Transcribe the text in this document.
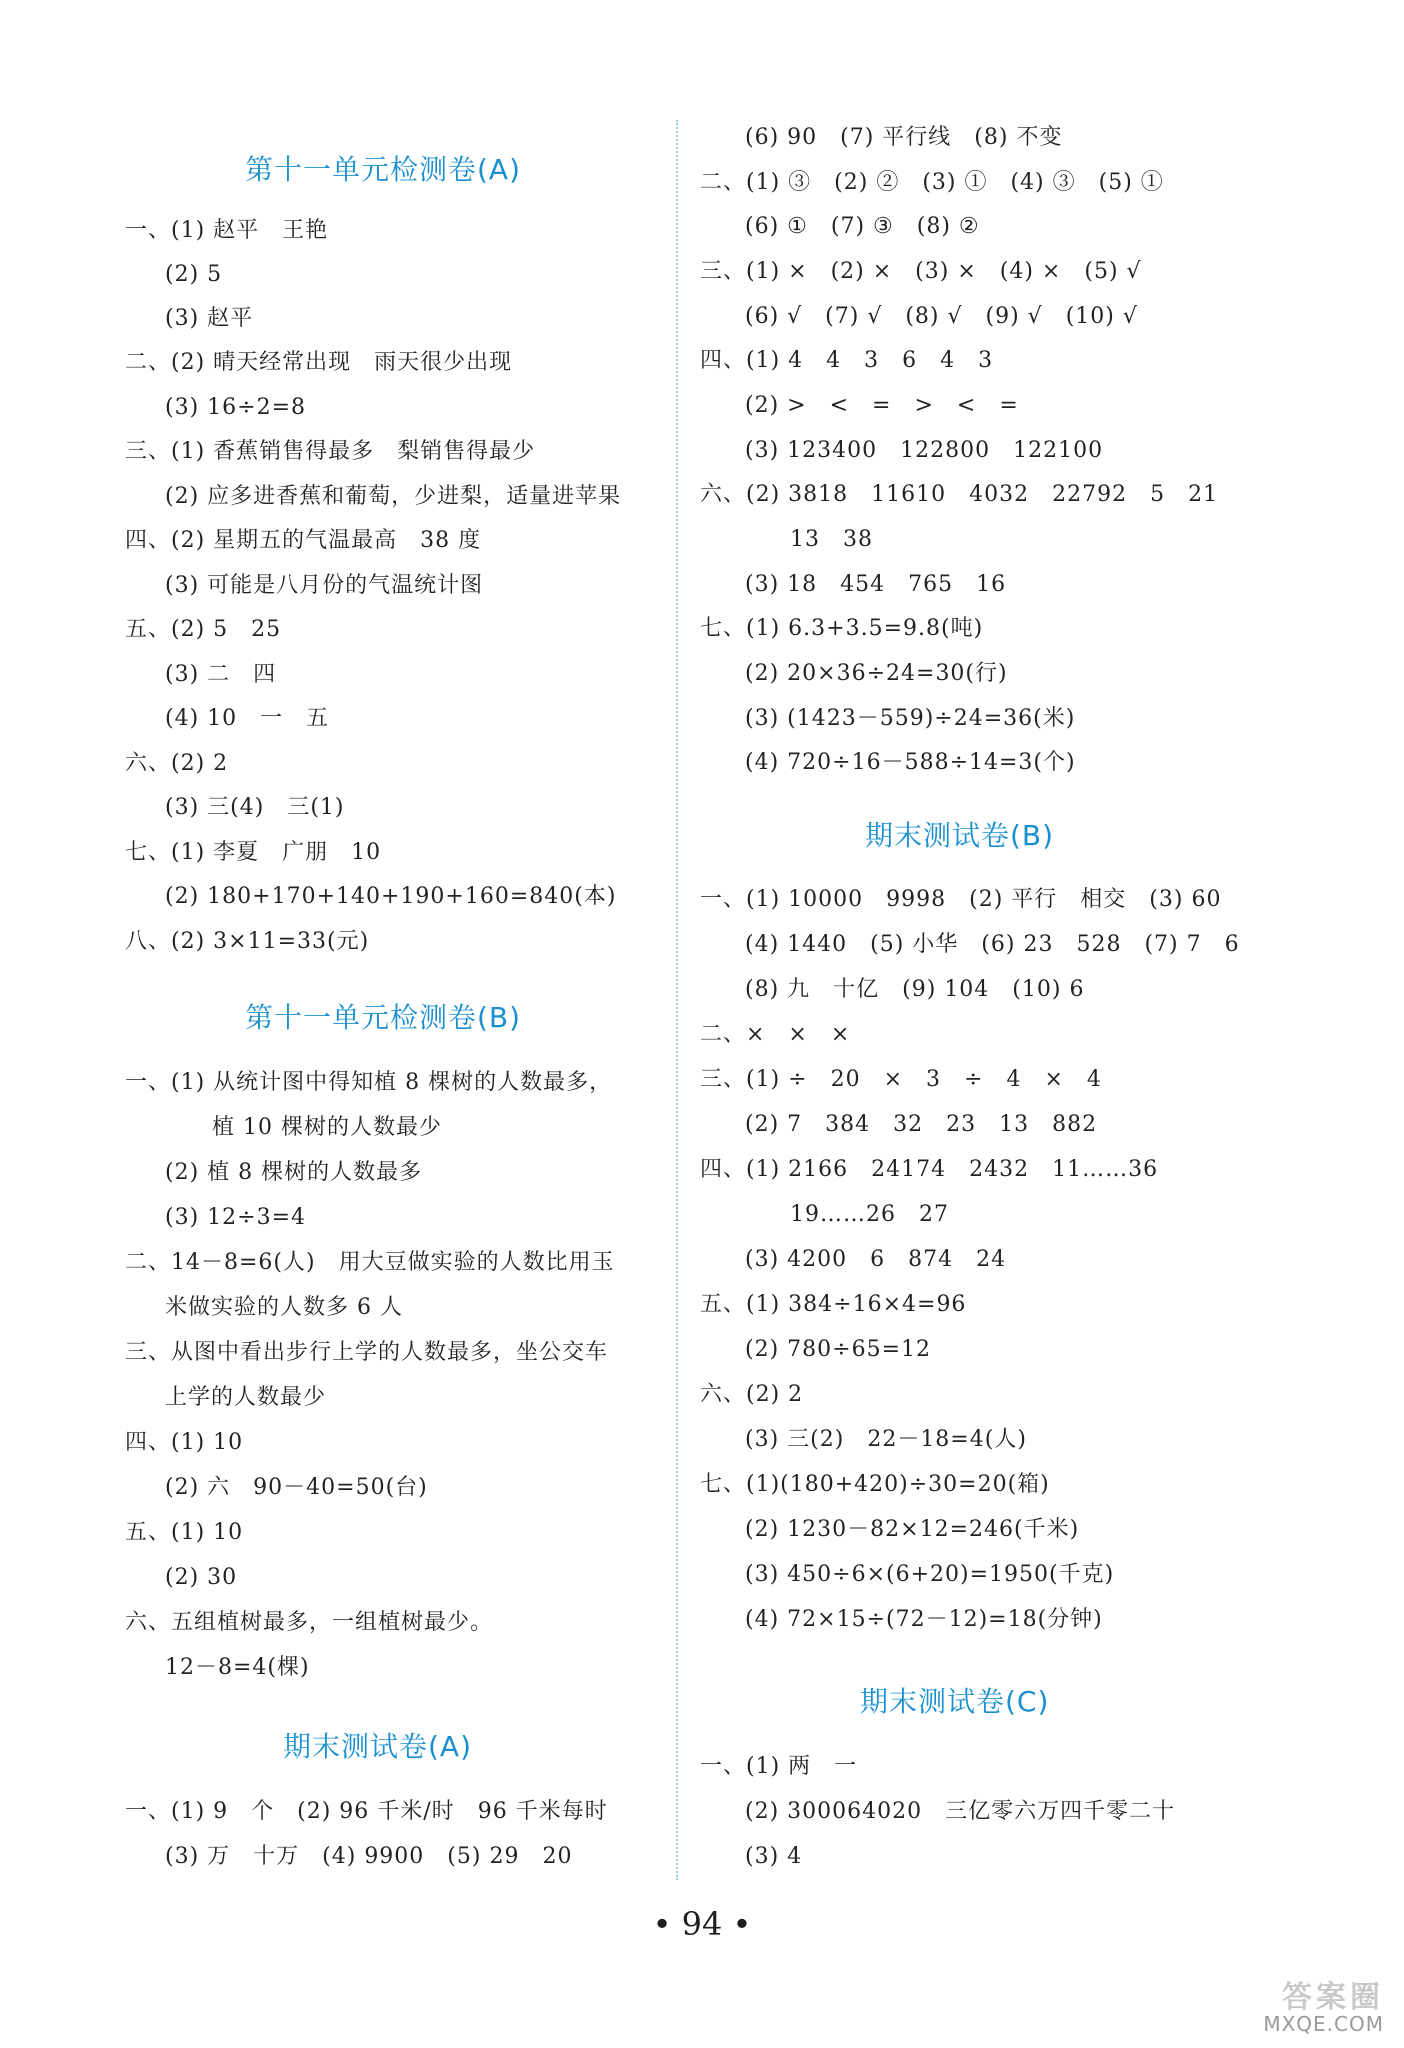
第十一单元检测卷(A)
一、(1) 赵平　王艳
(2) 5
(3) 赵平
二、(2) 晴天经常出现　雨天很少出现
(3) 16÷2=8
三、(1) 香蕉销售得最多　梨销售得最少
(2) 应多进香蕉和葡萄，少进梨，适量进苹果
四、(2) 星期五的气温最高　38 度
(3) 可能是八月份的气温统计图
五、(2) 5　25
(3) 二　四
(4) 10　一　五
六、(2) 2
(3) 三(4)　三(1)
七、(1) 李夏　广朋　10
(2) 180+170+140+190+160=840(本)
八、(2) 3×11=33(元)
第十一单元检测卷(B)
一、(1) 从统计图中得知植 8 棵树的人数最多，
植 10 棵树的人数最少
(2) 植 8 棵树的人数最多
(3) 12÷3=4
二、14－8=6(人)　用大豆做实验的人数比用玉
米做实验的人数多 6 人
三、从图中看出步行上学的人数最多，坐公交车
上学的人数最少
四、(1) 10
(2) 六　90－40=50(台)
五、(1) 10
(2) 30
六、五组植树最多，一组植树最少。
12－8=4(棵)
期末测试卷(A)
一、(1) 9　个　(2) 96 千米/时　96 千米每时
(3) 万　十万　(4) 9900　(5) 29　20
(6) 90　(7) 平行线　(8) 不变
二、(1) ③　(2) ②　(3) ①　(4) ③　(5) ①
(6) ①　(7) ③　(8) ②
三、(1) ×　(2) ×　(3) ×　(4) ×　(5) √
(6) √　(7) √　(8) √　(9) √　(10) √
四、(1) 4　4　3　6　4　3
(2) >　<　=　>　<　=
(3) 123400　122800　122100
六、(2) 3818　11610　4032　22792　5　21
13　38
(3) 18　454　765　16
七、(1) 6.3+3.5=9.8(吨)
(2) 20×36÷24=30(行)
(3) (1423－559)÷24=36(米)
(4) 720÷16－588÷14=3(个)
期末测试卷(B)
一、(1) 10000　9998　(2) 平行　相交　(3) 60
(4) 1440　(5) 小华　(6) 23　528　(7) 7　6
(8) 九　十亿　(9) 104　(10) 6
二、×　×　×
三、(1) ÷　20　×　3　÷　4　×　4
(2) 7　384　32　23　13　882
四、(1) 2166　24174　2432　11……36
19……26　27
(3) 4200　6　874　24
五、(1) 384÷16×4=96
(2) 780÷65=12
六、(2) 2
(3) 三(2)　22－18=4(人)
七、(1)(180+420)÷30=20(箱)
(2) 1230－82×12=246(千米)
(3) 450÷6×(6+20)=1950(千克)
(4) 72×15÷(72－12)=18(分钟)
期末测试卷(C)
一、(1) 两　一
(2) 300064020　三亿零六万四千零二十
(3) 4
• 94 •
答案圈
MXQE.COM
